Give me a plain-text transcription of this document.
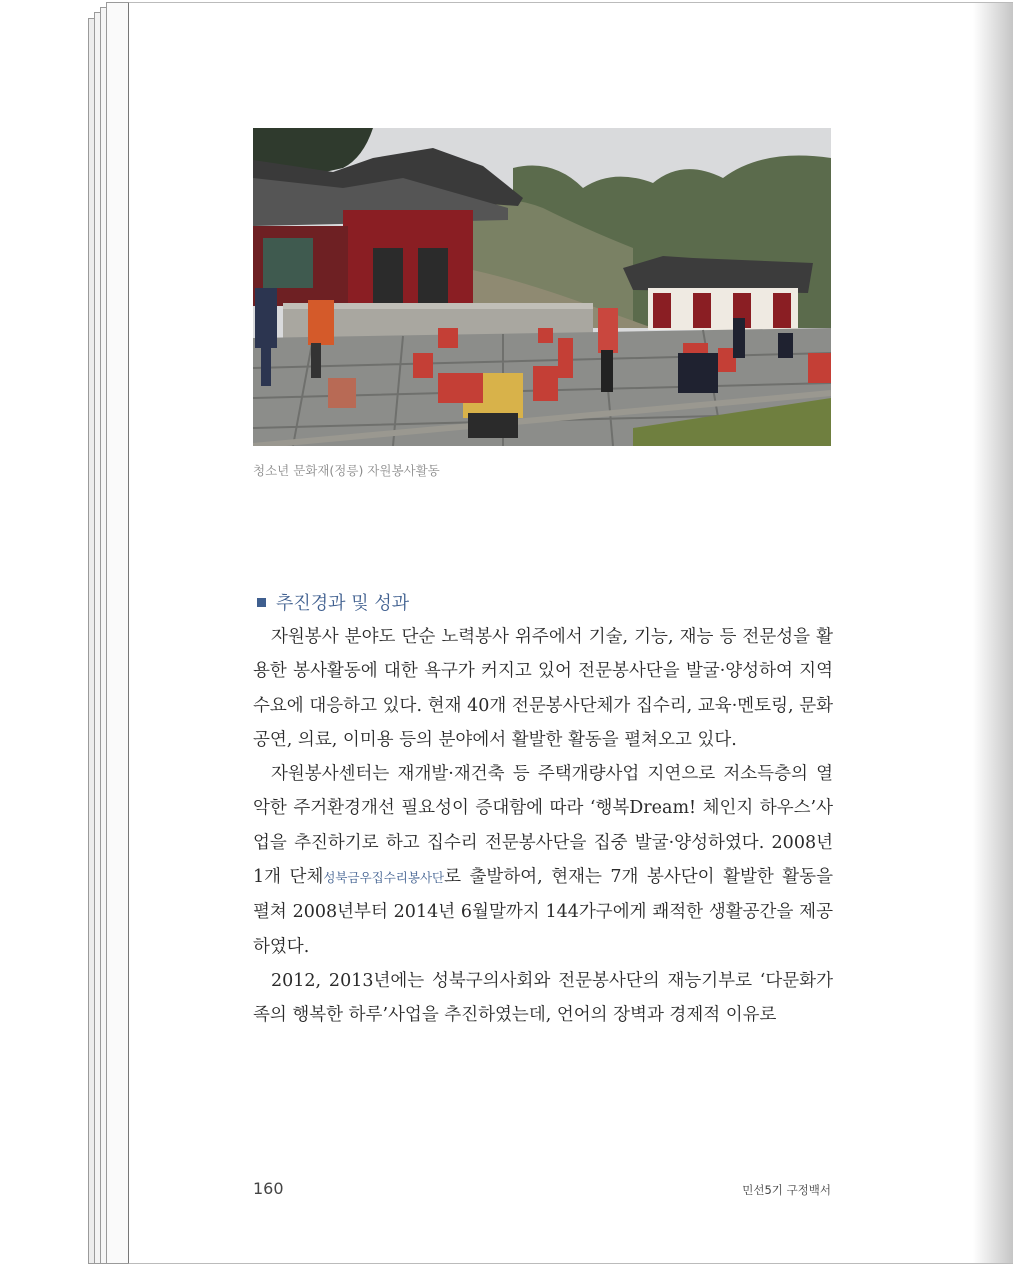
청소년 문화재(정릉) 자원봉사활동
추진경과 및 성과

자원봉사 분야도 단순 노력봉사 위주에서 기술, 기능, 재능 등 전문성을 활용한 봉사활동에 대한 욕구가 커지고 있어 전문봉사단을 발굴·양성하여 지역수요에 대응하고 있다. 현재 40개 전문봉사단체가 집수리, 교육·멘토링, 문화공연, 의료, 이미용 등의 분야에서 활발한 활동을 펼쳐오고 있다.

자원봉사센터는 재개발·재건축 등 주택개량사업 지연으로 저소득층의 열악한 주거환경개선 필요성이 증대함에 따라 ‘행복Dream! 체인지 하우스’사업을 추진하기로 하고 집수리 전문봉사단을 집중 발굴·양성하였다. 2008년 1개 단체성북금우집수리봉사단로 출발하여, 현재는 7개 봉사단이 활발한 활동을 펼쳐 2008년부터 2014년 6월말까지 144가구에게 쾌적한 생활공간을 제공하였다.

2012, 2013년에는 성북구의사회와 전문봉사단의 재능기부로 ‘다문화가족의 행복한 하루’사업을 추진하였는데, 언어의 장벽과 경제적 이유로

160	민선5기 구정백서
